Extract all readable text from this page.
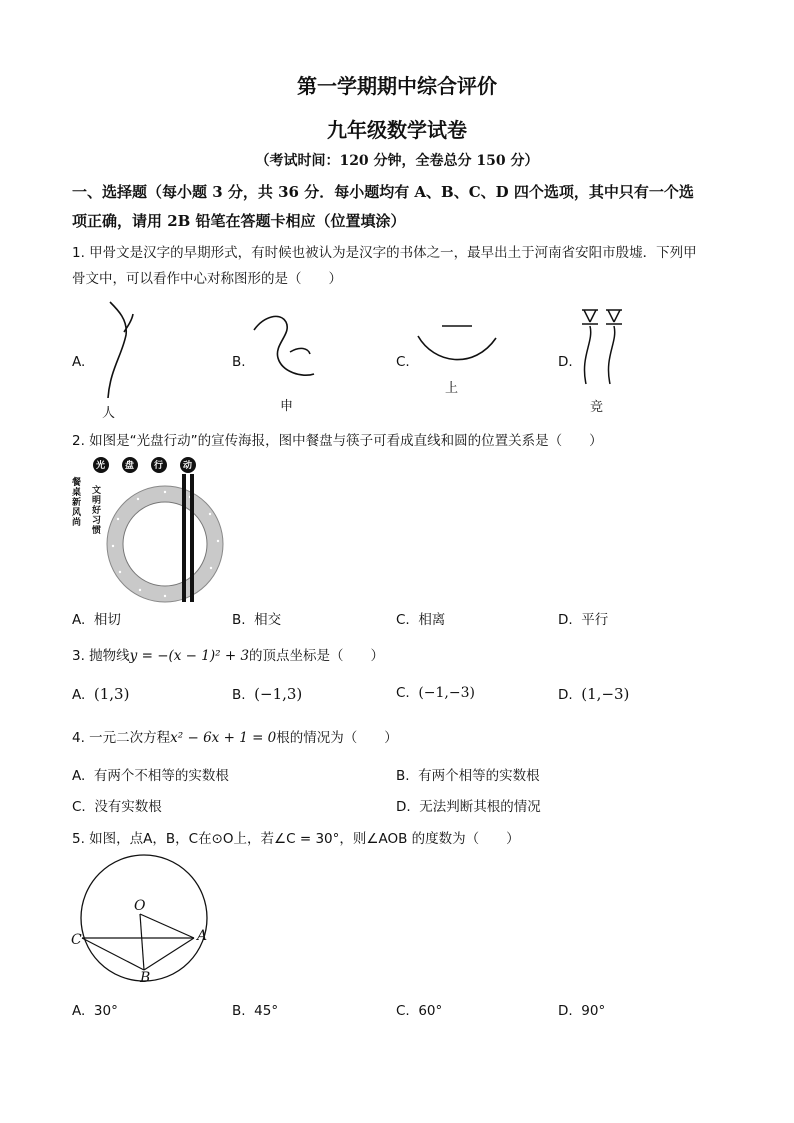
第一学期期中综合评价
九年级数学试卷
（考试时间：120 分钟，全卷总分 150 分）
一、选择题（每小题 3 分，共 36 分．每小题均有 A、B、C、D 四个选项，其中只有一个选
项正确，请用 2B 铅笔在答题卡相应（位置填涂）
1. 甲骨文是汉字的早期形式，有时候也被认为是汉字的书体之一，最早出土于河南省安阳市殷墟．下列甲
骨文中，可以看作中心对称图形的是（　　）
A.
人
B.
申
C.
上
D.
竞
2. 如图是“光盘行动”的宣传海报，图中餐盘与筷子可看成直线和圆的位置关系是（　　）
光 盘 行 动
餐桌新风尚
文明好习惯
A. 相切	B. 相交	C. 相离	D. 平行
3. 抛物线y = −(x − 1)² + 3的顶点坐标是（　　）
A. (1,3)	B. (−1,3)	C. (−1,−3)	D. (1,−3)
4. 一元二次方程x² − 6x + 1 = 0根的情况为（　　）
A. 有两个不相等的实数根	B. 有两个相等的实数根
C. 没有实数根	D. 无法判断其根的情况
5. 如图，点A，B，C在⊙O上，若∠C = 30°，则∠AOB 的度数为（　　）
O
A
B
C
A. 30°	B. 45°	C. 60°	D. 90°
